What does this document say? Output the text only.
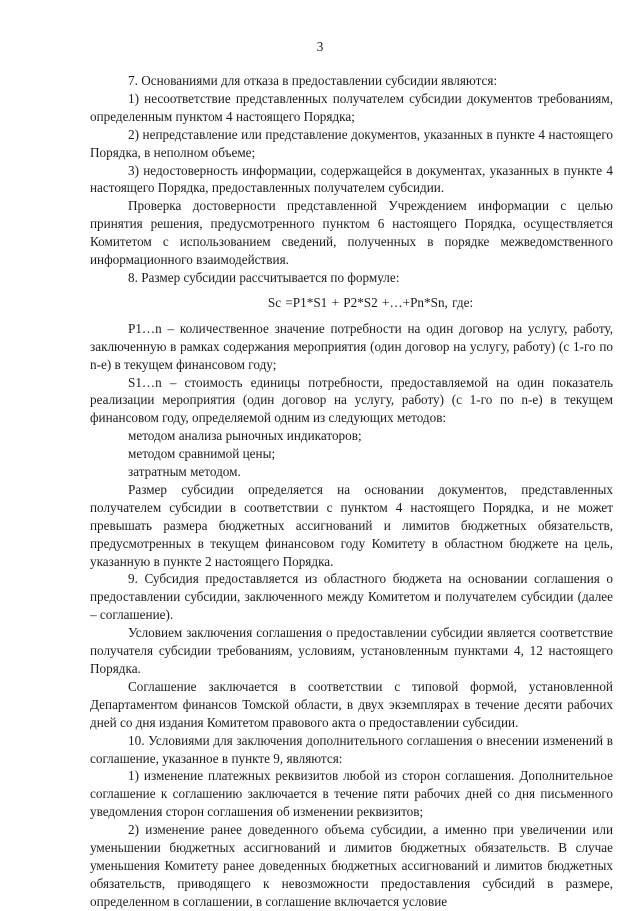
3

7. Основаниями для отказа в предоставлении субсидии являются:

1) несоответствие представленных получателем субсидии документов требованиям, определенным пунктом 4 настоящего Порядка;

2) непредставление или представление документов, указанных в пункте 4 настоящего Порядка, в неполном объеме;

3) недостоверность информации, содержащейся в документах, указанных в пункте 4 настоящего Порядка, предоставленных получателем субсидии.

Проверка достоверности представленной Учреждением информации с целью принятия решения, предусмотренного пунктом 6 настоящего Порядка, осуществляется Комитетом с использованием сведений, полученных в порядке межведомственного информационного взаимодействия.

8. Размер субсидии рассчитывается по формуле:

Sc =P1*S1 + P2*S2 +…+Pn*Sn, где:

P1…n – количественное значение потребности на один договор на услугу, работу, заключенную в рамках содержания мероприятия (один договор на услугу, работу) (с 1-го по n-е) в текущем финансовом году;

S1…n – стоимость единицы потребности, предоставляемой на один показатель реализации мероприятия (один договор на услугу, работу) (с 1-го по n-е) в текущем финансовом году, определяемой одним из следующих методов:

методом анализа рыночных индикаторов;

методом сравнимой цены;

затратным методом.

Размер субсидии определяется на основании документов, представленных получателем субсидии в соответствии с пунктом 4 настоящего Порядка, и не может превышать размера бюджетных ассигнований и лимитов бюджетных обязательств, предусмотренных в текущем финансовом году Комитету в областном бюджете на цель, указанную в пункте 2 настоящего Порядка.

9. Субсидия предоставляется из областного бюджета на основании соглашения о предоставлении субсидии, заключенного между Комитетом и получателем субсидии (далее – соглашение).

Условием заключения соглашения о предоставлении субсидии является соответствие получателя субсидии требованиям, условиям, установленным пунктами 4, 12 настоящего Порядка.

Соглашение заключается в соответствии с типовой формой, установленной Департаментом финансов Томской области, в двух экземплярах в течение десяти рабочих дней со дня издания Комитетом правового акта о предоставлении субсидии.

10. Условиями для заключения дополнительного соглашения о внесении изменений в соглашение, указанное в пункте 9, являются:

1) изменение платежных реквизитов любой из сторон соглашения. Дополнительное соглашение к соглашению заключается в течение пяти рабочих дней со дня письменного уведомления сторон соглашения об изменении реквизитов;

2) изменение ранее доведенного объема субсидии, а именно при увеличении или уменьшении бюджетных ассигнований и лимитов бюджетных обязательств. В случае уменьшения Комитету ранее доведенных бюджетных ассигнований и лимитов бюджетных обязательств, приводящего к невозможности предоставления субсидий в размере, определенном в соглашении, в соглашение включается условие
